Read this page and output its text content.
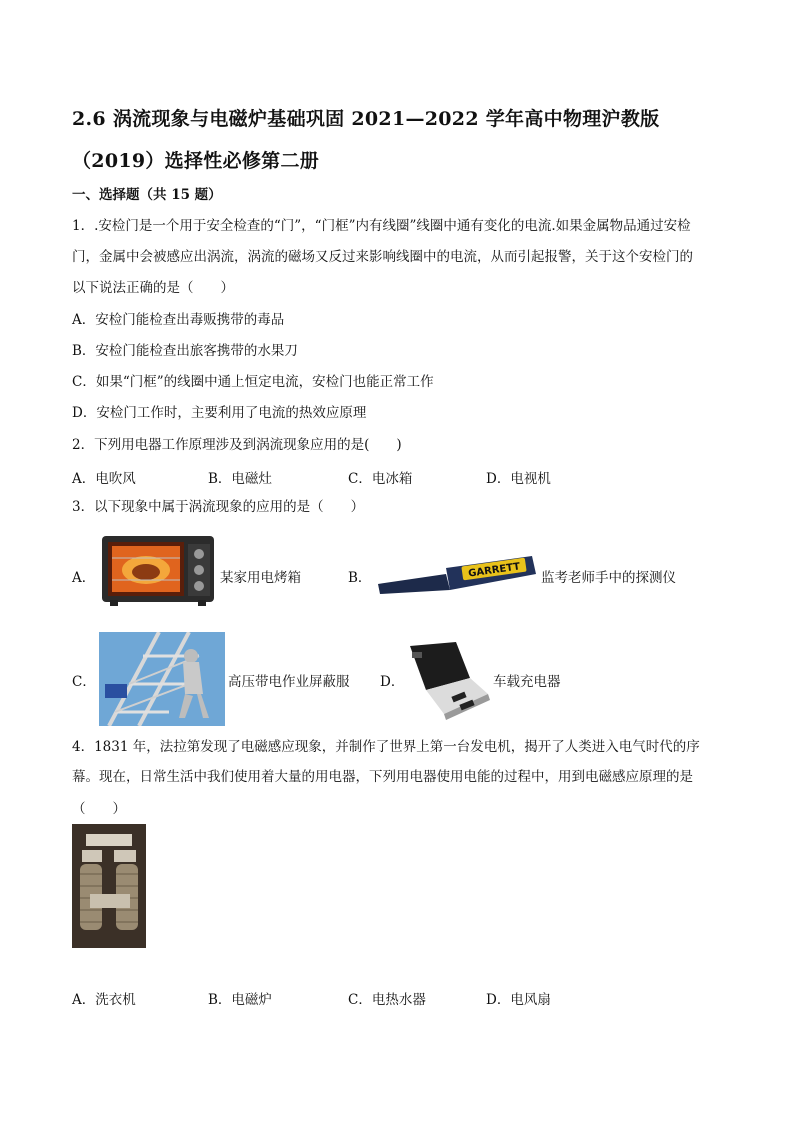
2.6 涡流现象与电磁炉基础巩固 2021—2022 学年高中物理沪教版
（2019）选择性必修第二册
一、选择题（共 15 题）
1．.安检门是一个用于安全检查的“门”，“门框”内有线圈”线圈中通有变化的电流.如果金属物品通过安检
门，金属中会被感应出涡流，涡流的磁场又反过来影响线圈中的电流，从而引起报警，关于这个安检门的
以下说法正确的是（　　）
A．安检门能检查出毒贩携带的毒品
B．安检门能检查出旅客携带的水果刀
C．如果“门框”的线圈中通上恒定电流，安检门也能正常工作
D．安检门工作时，主要利用了电流的热效应原理
2．下列用电器工作原理涉及到涡流现象应用的是(　　)
A．电吹风	B．电磁灶	C．电冰箱	D．电视机
3．以下现象中属于涡流现象的应用的是（　　）
A．	某家用电烤箱	B．	GARRETT 监考老师手中的探测仪
C．	高压带电作业屏蔽服 D．	车载充电器
4．1831 年，法拉第发现了电磁感应现象，并制作了世界上第一台发电机，揭开了人类进入电气时代的序
幕。现在，日常生活中我们使用着大量的用电器，下列用电器使用电能的过程中，用到电磁感应原理的是
（　　）
A．洗衣机	B．电磁炉	C．电热水器	D．电风扇
